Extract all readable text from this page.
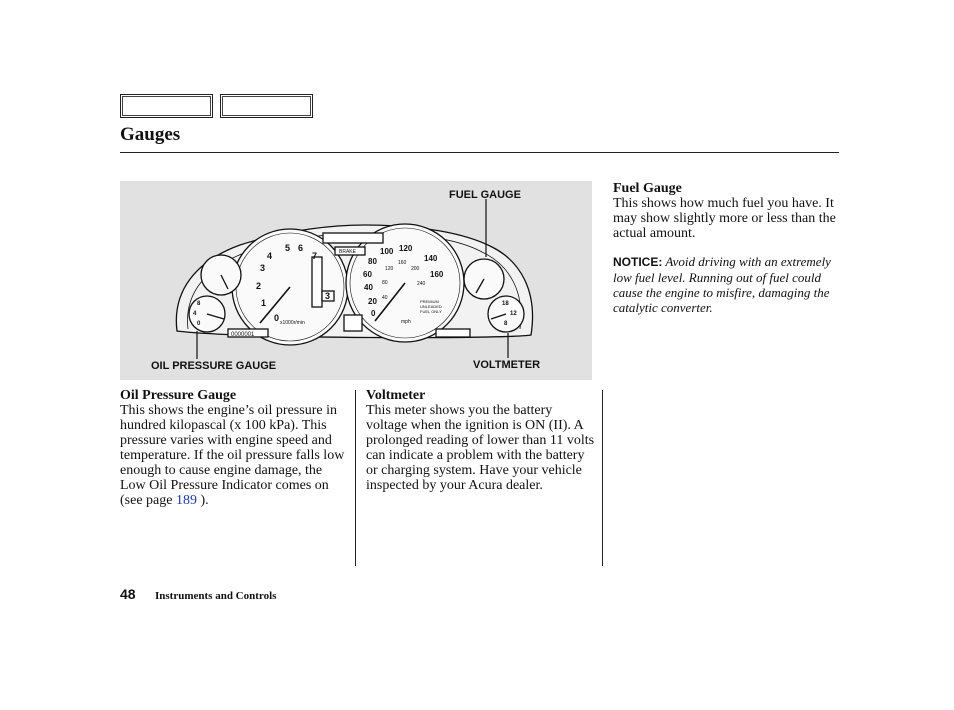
Gauges
0
1
2
3
4
5 6
7
3
x1000r/min
BRAKE
0
20
40
60
80
100 120
140
160
40
80
120
160
200
240
mph
PREMIUM
UNLEADED
FUEL ONLY
0000001
8
4
0
18
12
8
FUEL GAUGE
OIL PRESSURE GAUGE	VOLTMETER
Oil Pressure Gauge

This shows the engine’s oil pressure in hundred kilopascal (x 100 kPa). This pressure varies with engine speed and temperature. If the oil pressure falls low enough to cause engine damage, the Low Oil Pressure Indicator comes on (see page 189 ).

Voltmeter

This meter shows you the battery voltage when the ignition is ON (II). A prolonged reading of lower than 11 volts can indicate a problem with the battery or charging system. Have your vehicle inspected by your Acura dealer.

Fuel Gauge

This shows how much fuel you have. It may show slightly more or less than the actual amount.

NOTICE: Avoid driving with an extremely low fuel level. Running out of fuel could cause the engine to misfire, damaging the catalytic converter.

48 Instruments and Controls
